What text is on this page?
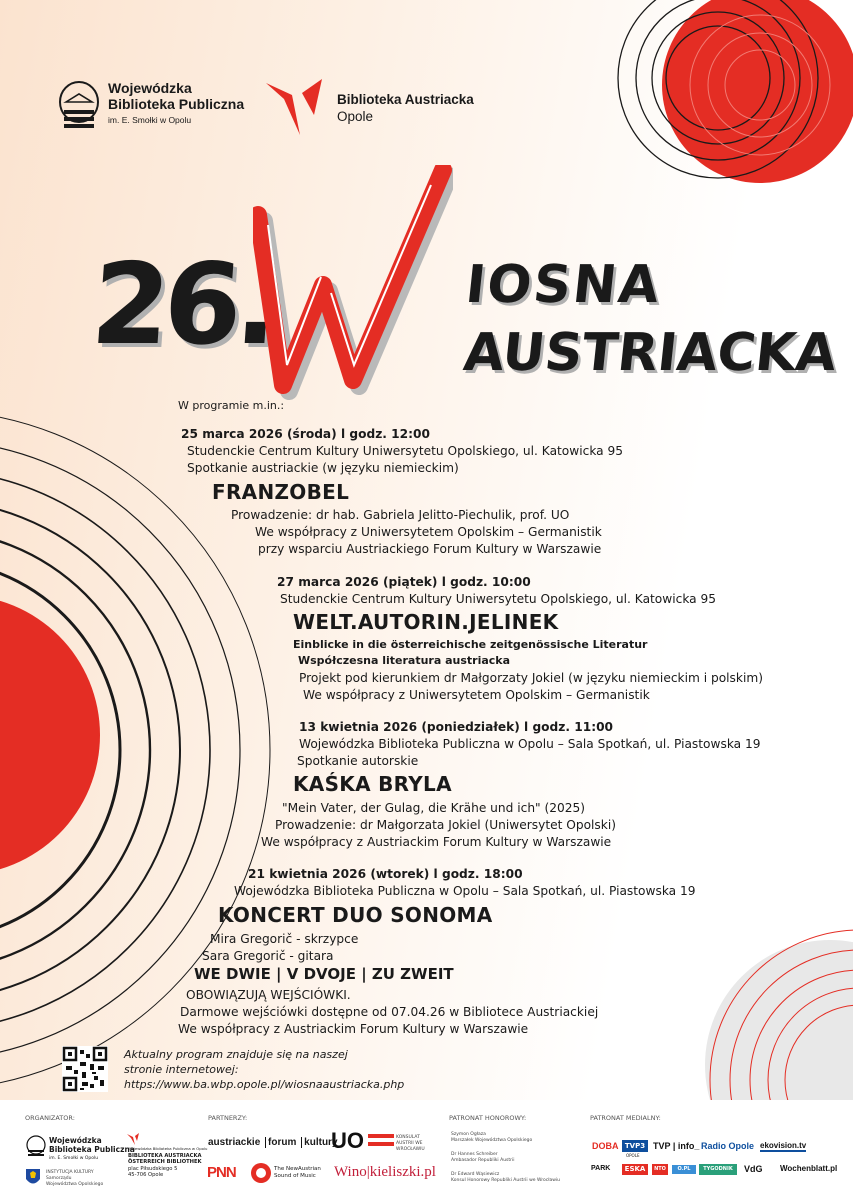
Wojewódzka
Biblioteka Publiczna
im. E. Smołki w Opolu
Biblioteka Austriacka
Opole
26.	IOSNA
AUSTRIACKA
W programie m.in.:
25 marca 2026 (środa) l godz. 12:00
Studenckie Centrum Kultury Uniwersytetu Opolskiego, ul. Katowicka 95
Spotkanie austriackie (w języku niemieckim)
FRANZOBEL
Prowadzenie: dr hab. Gabriela Jelitto-Piechulik, prof. UO
We współpracy z Uniwersytetem Opolskim – Germanistik
przy wsparciu Austriackiego Forum Kultury w Warszawie
27 marca 2026 (piątek) l godz. 10:00
Studenckie Centrum Kultury Uniwersytetu Opolskiego, ul. Katowicka 95
WELT.AUTORIN.JELINEK
Einblicke in die österreichische zeitgenössische Literatur
Współczesna literatura austriacka
Projekt pod kierunkiem dr Małgorzaty Jokiel (w języku niemieckim i polskim)
We współpracy z Uniwersytetem Opolskim – Germanistik
13 kwietnia 2026 (poniedziałek) l godz. 11:00
Wojewódzka Biblioteka Publiczna w Opolu – Sala Spotkań, ul. Piastowska 19
Spotkanie autorskie
KAŚKA BRYLA
"Mein Vater, der Gulag, die Krähe und ich" (2025)
Prowadzenie: dr Małgorzata Jokiel (Uniwersytet Opolski)
We współpracy z Austriackim Forum Kultury w Warszawie
21 kwietnia 2026 (wtorek) l godz. 18:00
Wojewódzka Biblioteka Publiczna w Opolu – Sala Spotkań, ul. Piastowska 19
KONCERT DUO SONOMA
Mira Gregorič - skrzypce
Sara Gregorič - gitara
WE DWIE | V DVOJE | ZU ZWEIT
OBOWIĄZUJĄ WEJŚCIÓWKI.
Darmowe wejściówki dostępne od 07.04.26 w Bibliotece Austriackiej
We współpracy z Austriackim Forum Kultury w Warszawie
Aktualny program znajduje się na naszej
stronie internetowej:
https://www.ba.wbp.opole.pl/wiosnaaustriacka.php
ORGANIZATOR:	PARTNERZY:	PATRONAT HONOROWY:	PATRONAT MEDIALNY:
Wojewódzka
Biblioteka Publiczna
im. E. Smołki w Opolu
INSTYTUCJA KULTURY
Samorządu
Województwa Opolskiego
Wojewódzka Biblioteka Publiczna w Opolu
BIBLIOTEKA AUSTRIACKA
ÖSTERREICH BIBLIOTHEK
plac Piłsudskiego 5
45-706 Opole
austriackie forum kultury
UO	KONSULAT AUSTRII WE WROCŁAWIU
PNN	The NewAustrian Sound of Music	Wino|kieliszki.pl
Szymon Ogłaza
Marszałek Województwa Opolskiego
Dr Hannes Schreiber
Ambasador Republiki Austrii
Dr Edward Wąsiewicz
Konsul Honorowy Republiki Austrii we Wrocławiu
DOBA TVP3
OPOLE
TVP | info_ Radio Opole ekovision.tv
PARK	ESKA	NTO	O.PL	TYGODNIK	VdG Wochenblatt.pl
